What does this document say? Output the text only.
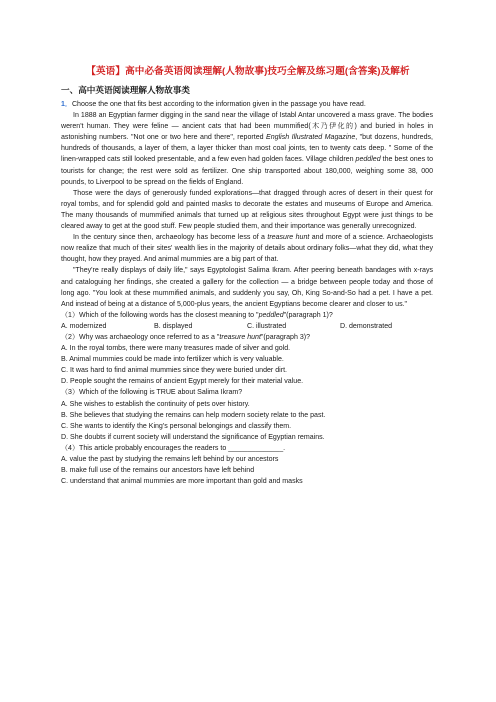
【英语】高中必备英语阅读理解(人物故事)技巧全解及练习题(含答案)及解析
一、高中英语阅读理解人物故事类

1．Choose the one that fits best according to the information given in the passage you have read.

In 1888 an Egyptian farmer digging in the sand near the village of Istabl Antar uncovered a mass grave. The bodies weren't human. They were feline — ancient cats that had been mummified(木乃伊化的) and buried in holes in astonishing numbers. "Not one or two here and there", reported English Illustrated Magazine, "but dozens, hundreds, hundreds of thousands, a layer of them, a layer thicker than most coal joints, ten to twenty cats deep. " Some of the linen-wrapped cats still looked presentable, and a few even had golden faces. Village children peddled the best ones to tourists for change; the rest were sold as fertilizer. One ship transported about 180,000, weighing some 38, 000 pounds, to Liverpool to be spread on the fields of England.

Those were the days of generously funded explorations—that dragged through acres of desert in their quest for royal tombs, and for splendid gold and painted masks to decorate the estates and museums of Europe and America. The many thousands of mummified animals that turned up at religious sites throughout Egypt were just things to be cleared away to get at the good stuff. Few people studied them, and their importance was generally unrecognized.

In the century since then, archaeology has become less of a treasure hunt and more of a science. Archaeologists now realize that much of their sites' wealth lies in the majority of details about ordinary folks—what they did, what they thought, how they prayed. And animal mummies are a big part of that.

"They're really displays of daily life," says Egyptologist Salima Ikram. After peering beneath bandages with x-rays and cataloguing her findings, she created a gallery for the collection — a bridge between people today and those of long ago. "You look at these mummified animals, and suddenly you say, Oh, King So-and-So had a pet. I have a pet. And instead of being at a distance of 5,000-plus years, the ancient Egyptians become clearer and closer to us."

（1）Which of the following words has the closest meaning to "peddled"(paragraph 1)?

A. modernized	B. displayed	C. illustrated	D. demonstrated

（2）Why was archaeology once referred to as a "treasure hunt"(paragraph 3)?

A. In the royal tombs, there were many treasures made of silver and gold.

B. Animal mummies could be made into fertilizer which is very valuable.

C. It was hard to find animal mummies since they were buried under dirt.

D. People sought the remains of ancient Egypt merely for their material value.

（3）Which of the following is TRUE about Salima Ikram?

A. She wishes to establish the continuity of pets over history.

B. She believes that studying the remains can help modern society relate to the past.

C. She wants to identify the King's personal belongings and classify them.

D. She doubts if current society will understand the significance of Egyptian remains.

（4）This article probably encourages the readers to ______________.

A. value the past by studying the remains left behind by our ancestors

B. make full use of the remains our ancestors have left behind

C. understand that animal mummies are more important than gold and masks
